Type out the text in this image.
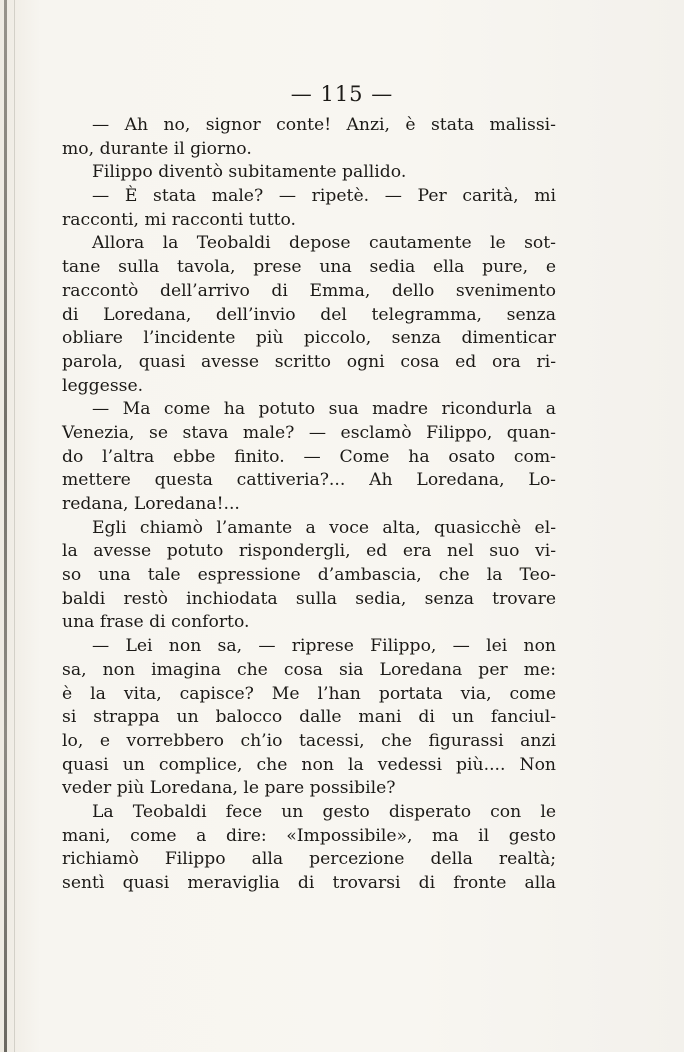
— 115 —
— Ah no, signor conte! Anzi, è stata malissi-
mo, durante il giorno.
Filippo diventò subitamente pallido.
— È stata male? — ripetè. — Per carità, mi
racconti, mi racconti tutto.
Allora la Teobaldi depose cautamente le sot-
tane sulla tavola, prese una sedia ella pure, e
raccontò dell’arrivo di Emma, dello svenimento
di Loredana, dell’invio del telegramma, senza
obliare l’incidente più piccolo, senza dimenticar
parola, quasi avesse scritto ogni cosa ed ora ri-
leggesse.
— Ma come ha potuto sua madre ricondurla a
Venezia, se stava male? — esclamò Filippo, quan-
do l’altra ebbe finito. — Come ha osato com-
mettere questa cattiveria?... Ah Loredana, Lo-
redana, Loredana!...
Egli chiamò l’amante a voce alta, quasicchè el-
la avesse potuto rispondergli, ed era nel suo vi-
so una tale espressione d’ambascia, che la Teo-
baldi restò inchiodata sulla sedia, senza trovare
una frase di conforto.
— Lei non sa, — riprese Filippo, — lei non
sa, non imagina che cosa sia Loredana per me:
è la vita, capisce? Me l’han portata via, come
si strappa un balocco dalle mani di un fanciul-
lo, e vorrebbero ch’io tacessi, che figurassi anzi
quasi un complice, che non la vedessi più.... Non
veder più Loredana, le pare possibile?
La Teobaldi fece un gesto disperato con le
mani, come a dire: «Impossibile», ma il gesto
richiamò Filippo alla percezione della realtà;
sentì quasi meraviglia di trovarsi di fronte alla
